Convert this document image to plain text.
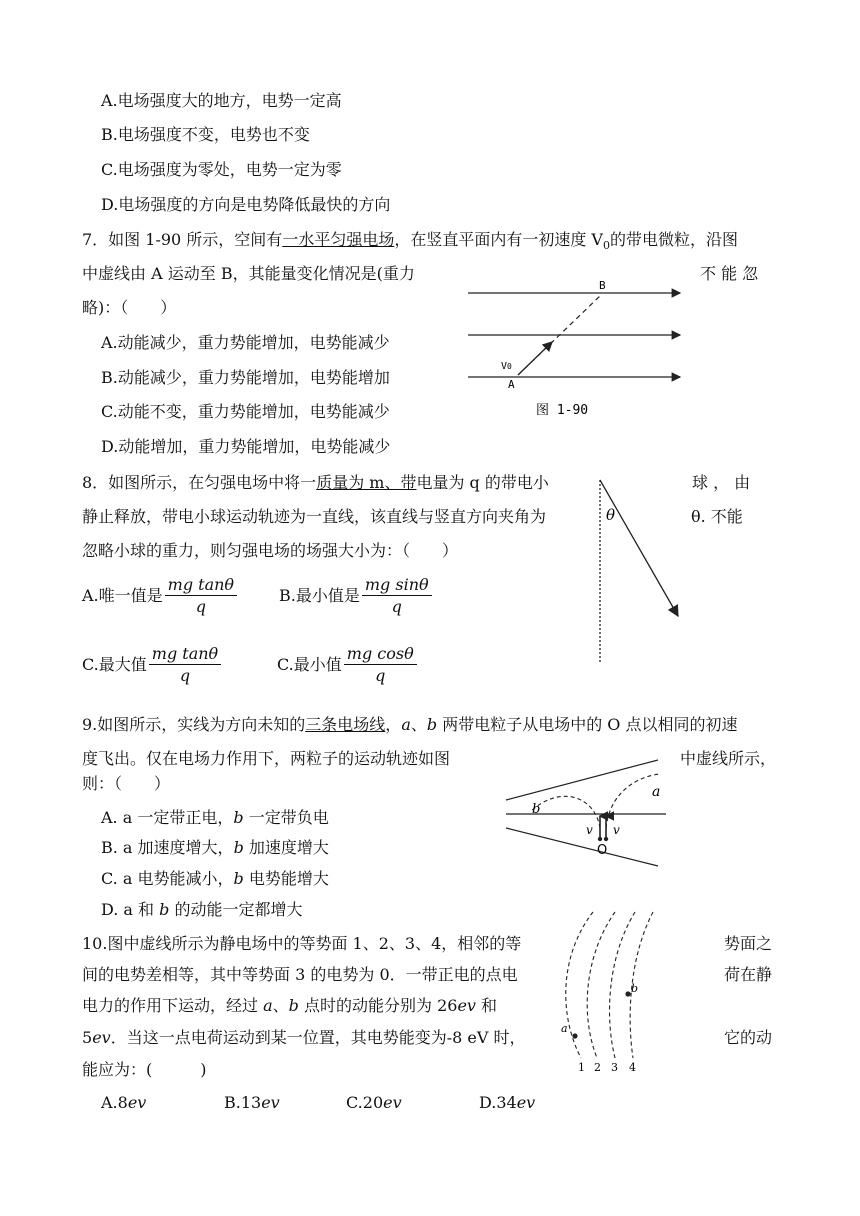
A.电场强度大的地方，电势一定高
B.电场强度不变，电势也不变
C.电场强度为零处，电势一定为零
D.电场强度的方向是电势降低最快的方向
7．如图 1-90 所示，空间有一水平匀强电场，在竖直平面内有一初速度 $V_0$的带电微粒，沿图
中虚线由 A 运动至 B，其能量变化情况是(重力	不 能 忽
略)：（　　）
A.动能减少，重力势能增加，电势能减少
B.动能减少，重力势能增加，电势能增加
C.动能不变，重力势能增加，电势能减少
D.动能增加，重力势能增加，电势能减少
B
A
V0
图 1-90
8．如图所示，在匀强电场中将一质量为 m、带电量为 q 的带电小	球 ， 由
静止释放，带电小球运动轨迹为一直线，该直线与竖直方向夹角为	θ. 不能
忽略小球的重力，则匀强电场的场强大小为：（　　）
A.唯一值是 $\frac{\text{mg tanθ}}{q}$	B.最小值是 $\frac{\text{mg sinθ}}{q}$
C.最大值 $\frac{\text{mg tanθ}}{q}$	C.最小值 $\frac{\text{mg cosθ}}{q}$
θ
9.如图所示，实线为方向未知的三条电场线，a、b 两带电粒子从电场中的 O 点以相同的初速
度飞出。仅在电场力作用下，两粒子的运动轨迹如图	中虚线所示，
则：（　　）
A. a 一定带正电，b 一定带负电
B. a 加速度增大，b 加速度增大
C. a 电势能减小，b 电势能增大
D. a 和 b 的动能一定都增大
a
b
v v
O
10.图中虚线所示为静电场中的等势面 1、2、3、4，相邻的等	势面之
间的电势差相等，其中等势面 3 的电势为 0．一带正电的点电	荷在静
电力的作用下运动，经过 a、b 点时的动能分别为 26ev 和
5ev．当这一点电荷运动到某一位置，其电势能变为-8 eV 时，	它的动
能应为：(　　　)
A.8ev	B.13ev	C.20ev	D.34ev
a
b
1 2 3 4
